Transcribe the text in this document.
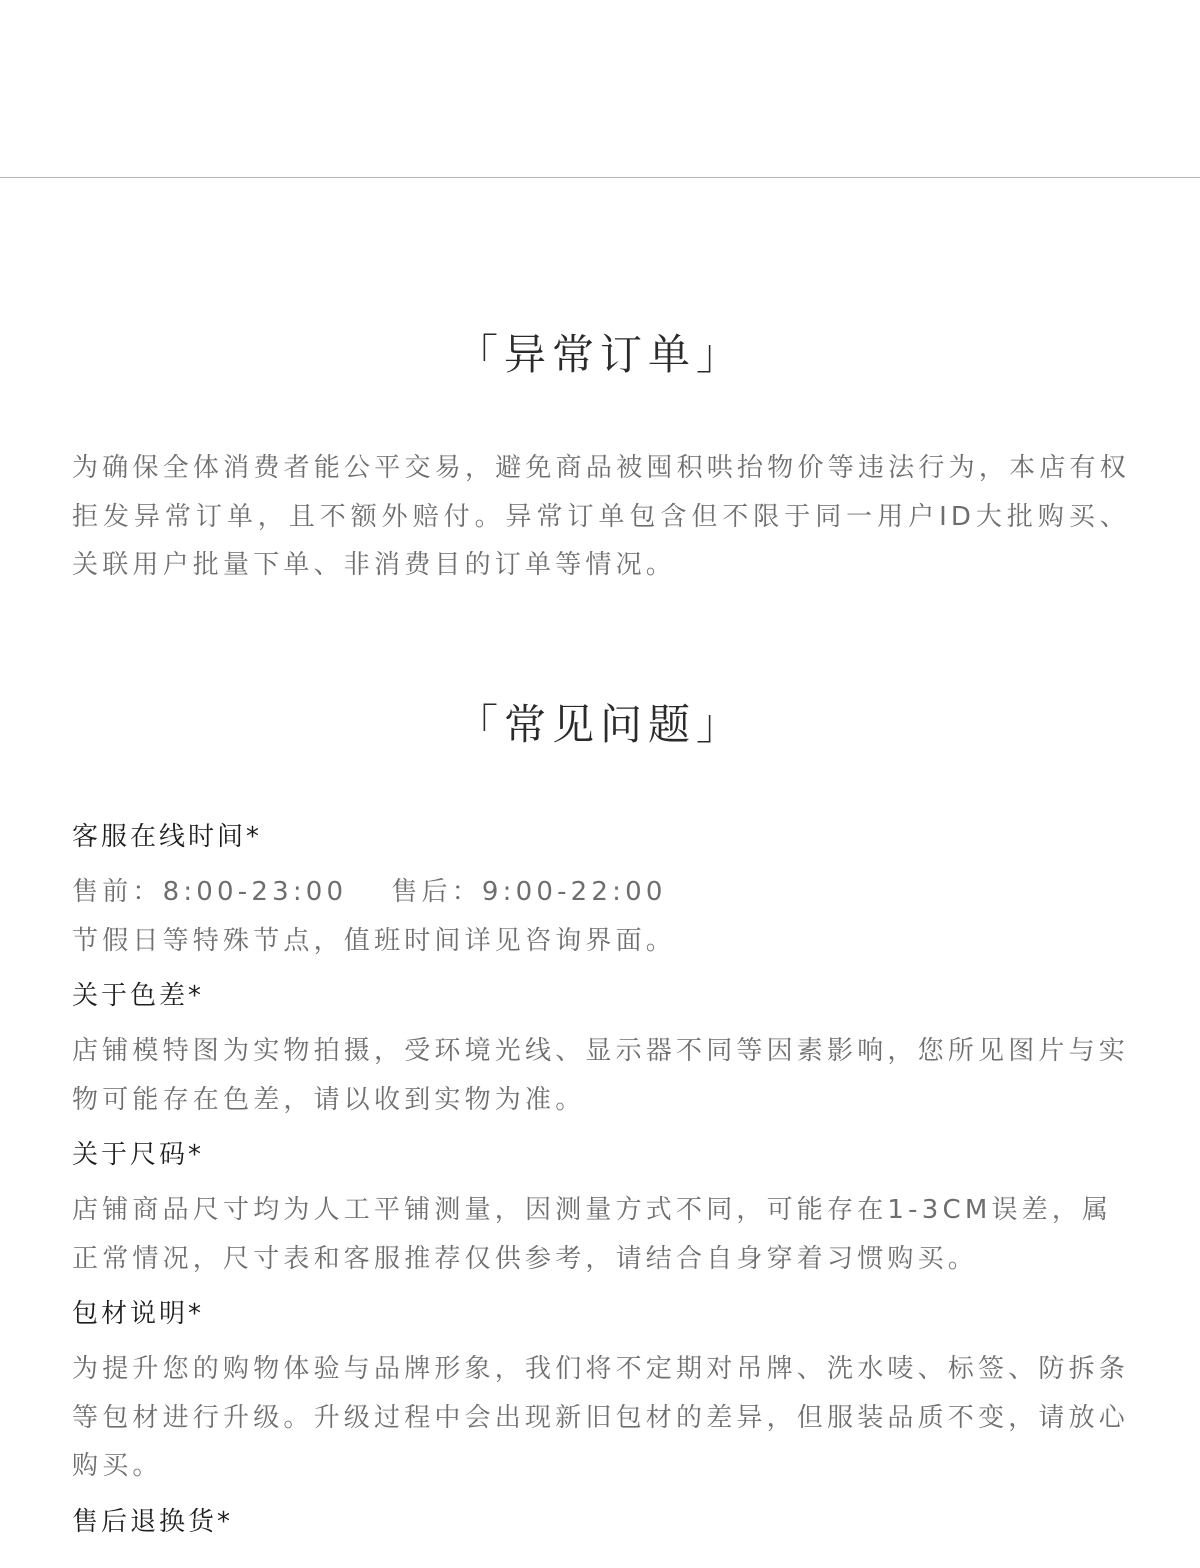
「异常订单」

为确保全体消费者能公平交易，避免商品被囤积哄抬物价等违法行为，本店有权拒发异常订单，且不额外赔付。异常订单包含但不限于同一用户ID大批购买、关联用户批量下单、非消费目的订单等情况。

「常见问题」
客服在线时间*
售前：8:00-23:00 售后：9:00-22:00
节假日等特殊节点，值班时间详见咨询界面。
关于色差*

店铺模特图为实物拍摄，受环境光线、显示器不同等因素影响，您所见图片与实物可能存在色差，请以收到实物为准。

关于尺码*

店铺商品尺寸均为人工平铺测量，因测量方式不同，可能存在1-3CM误差，属正常情况，尺寸表和客服推荐仅供参考，请结合自身穿着习惯购买。

包材说明*

为提升您的购物体验与品牌形象，我们将不定期对吊牌、洗水唛、标签、防拆条等包材进行升级。升级过程中会出现新旧包材的差异，但服装品质不变，请放心购买。

售后退换货*
